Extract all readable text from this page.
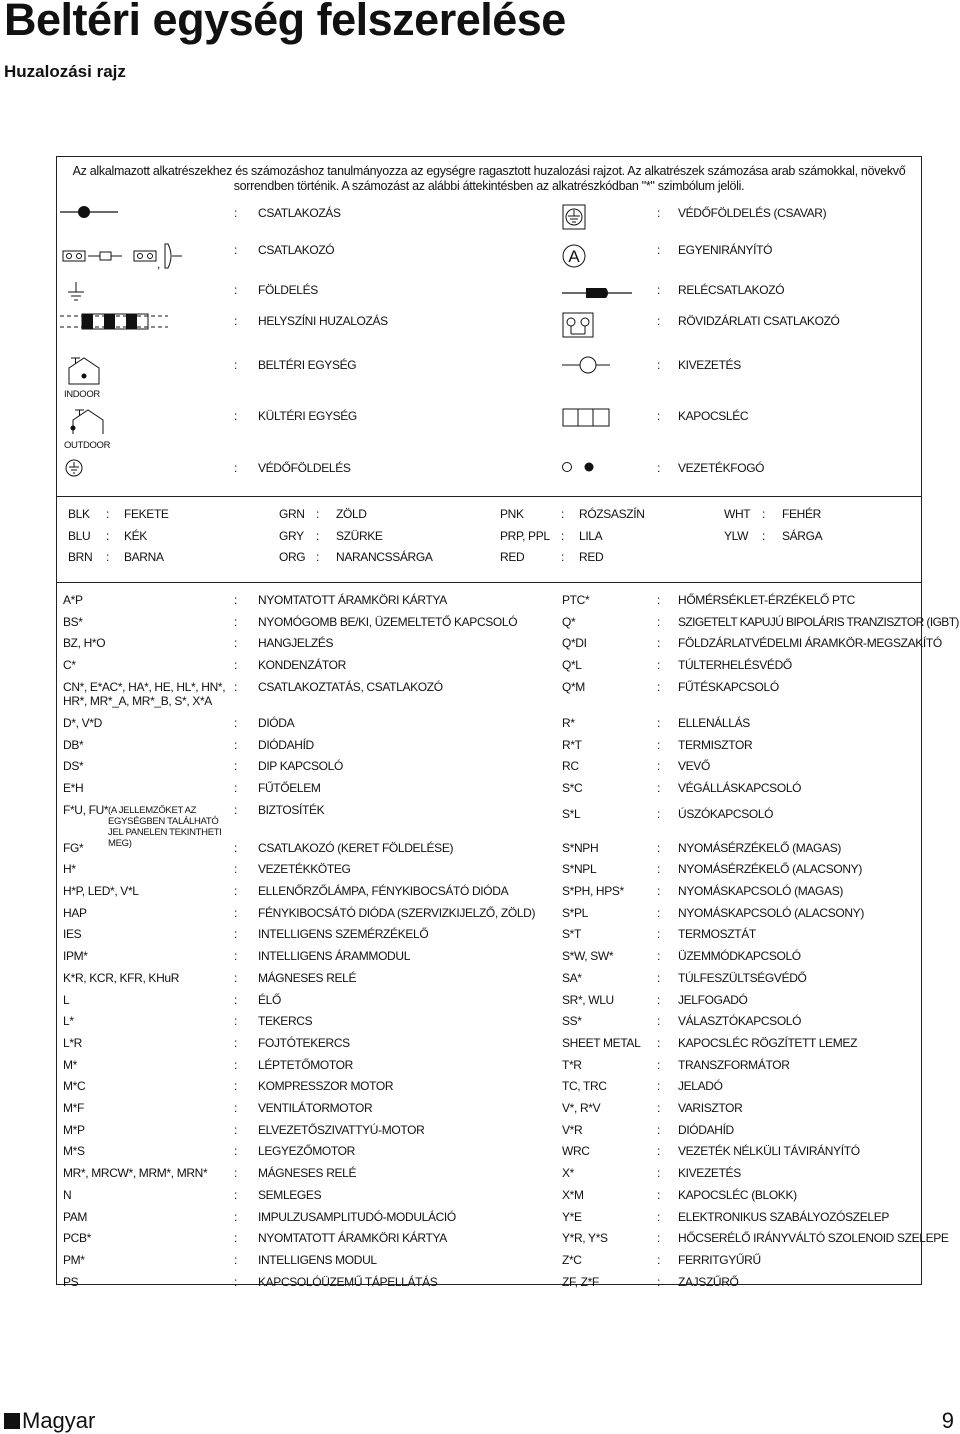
Beltéri egység felszerelése
Huzalozási rajz
Az alkalmazott alkatrészekhez és számozáshoz tanulmányozza az egységre ragasztott huzalozási rajzot. Az alkatrészek számozása arab számokkal, növekvő sorrendben történik. A számozást az alábbi áttekintésben az alkatrészkódban "*" szimbólum jelöli.
,
INDOOR
OUTDOOR
A
: CSATLAKOZÁS	: VÉDŐFÖLDELÉS (CSAVAR)
: CSATLAKOZÓ	: EGYENIRÁNYÍTÓ
: FÖLDELÉS	: RELÉCSATLAKOZÓ
: HELYSZÍNI HUZALOZÁS	: RÖVIDZÁRLATI CSATLAKOZÓ
: BELTÉRI EGYSÉG	: KIVEZETÉS
: KÜLTÉRI EGYSÉG	: KAPOCSLÉC
: VÉDŐFÖLDELÉS	: VEZETÉKFOGÓ
BLK : FEKETE	GRN : ZÖLD	PNK	: RÓZSASZÍN	WHT : FEHÉR
BLU : KÉK	GRY : SZÜRKE	PRP, PPL : LILA	YLW : SÁRGA
BRN : BARNA	ORG : NARANCSSÁRGA	RED	: RED
A*P	: NYOMTATOTT ÁRAMKÖRI KÁRTYA	PTC*	: HŐMÉRSÉKLET-ÉRZÉKELŐ PTC
BS*	: NYOMÓGOMB BE/KI, ÜZEMELTETŐ KAPCSOLÓ	Q*	: SZIGETELT KAPUJÚ BIPOLÁRIS TRANZISZTOR (IGBT)
BZ, H*O	: HANGJELZÉS	Q*DI	: FÖLDZÁRLATVÉDELMI ÁRAMKÖR-MEGSZAKÍTÓ
C*	: KONDENZÁTOR	Q*L	: TÚLTERHELÉSVÉDŐ
CN*, E*AC*, HA*, HE, HL*, HN*, : CSATLAKOZTATÁS, CSATLAKOZÓ	Q*M	: FŰTÉSKAPCSOLÓ
HR*, MR*_A, MR*_B, S*, X*A
D*, V*D	: DIÓDA	R*	: ELLENÁLLÁS
DB*	: DIÓDAHÍD	R*T	: TERMISZTOR
DS*	: DIP KAPCSOLÓ	RC	: VEVŐ
E*H	: FŰTŐELEM	S*C	: VÉGÁLLÁSKAPCSOLÓ
F*U, FU*	: BIZTOSÍTÉK	S*L	: ÚSZÓKAPCSOLÓ
(A JELLEMZŐKET AZ EGYSÉGBEN TALÁLHATÓ JEL PANELEN TEKINTHETI MEG)
FG*	: CSATLAKOZÓ (KERET FÖLDELÉSE)	S*NPH	: NYOMÁSÉRZÉKELŐ (MAGAS)
H*	: VEZETÉKKÖTEG	S*NPL	: NYOMÁSÉRZÉKELŐ (ALACSONY)
H*P, LED*, V*L	: ELLENŐRZŐLÁMPA, FÉNYKIBOCSÁTÓ DIÓDA	S*PH, HPS*	: NYOMÁSKAPCSOLÓ (MAGAS)
HAP	: FÉNYKIBOCSÁTÓ DIÓDA (SZERVIZKIJELZŐ, ZÖLD) S*PL	: NYOMÁSKAPCSOLÓ (ALACSONY)
IES	: INTELLIGENS SZEMÉRZÉKELŐ	S*T	: TERMOSZTÁT
IPM*	: INTELLIGENS ÁRAMMODUL	S*W, SW*	: ÜZEMMÓDKAPCSOLÓ
K*R, KCR, KFR, KHuR	: MÁGNESES RELÉ	SA*	: TÚLFESZÜLTSÉGVÉDŐ
L	: ÉLŐ	SR*, WLU	: JELFOGADÓ
L*	: TEKERCS	SS*	: VÁLASZTÓKAPCSOLÓ
L*R	: FOJTÓTEKERCS	SHEET METAL : KAPOCSLÉC RÖGZÍTETT LEMEZ
M*	: LÉPTETŐMOTOR	T*R	: TRANSZFORMÁTOR
M*C	: KOMPRESSZOR MOTOR	TC, TRC	: JELADÓ
M*F	: VENTILÁTORMOTOR	V*, R*V	: VARISZTOR
M*P	: ELVEZETŐSZIVATTYÚ-MOTOR	V*R	: DIÓDAHÍD
M*S	: LEGYEZŐMOTOR	WRC	: VEZETÉK NÉLKÜLI TÁVIRÁNYÍTÓ
MR*, MRCW*, MRM*, MRN* : MÁGNESES RELÉ	X*	: KIVEZETÉS
N	: SEMLEGES	X*M	: KAPOCSLÉC (BLOKK)
PAM	: IMPULZUSAMPLITUDÓ-MODULÁCIÓ	Y*E	: ELEKTRONIKUS SZABÁLYOZÓSZELEP
PCB*	: NYOMTATOTT ÁRAMKÖRI KÁRTYA	Y*R, Y*S	: HŐCSERÉLŐ IRÁNYVÁLTÓ SZOLENOID SZELEPE
PM*	: INTELLIGENS MODUL	Z*C	: FERRITGYŰRŰ
PS	: KAPCSOLÓÜZEMŰ TÁPELLÁTÁS	ZF, Z*F	: ZAJSZŰRŐ
Magyar	9
